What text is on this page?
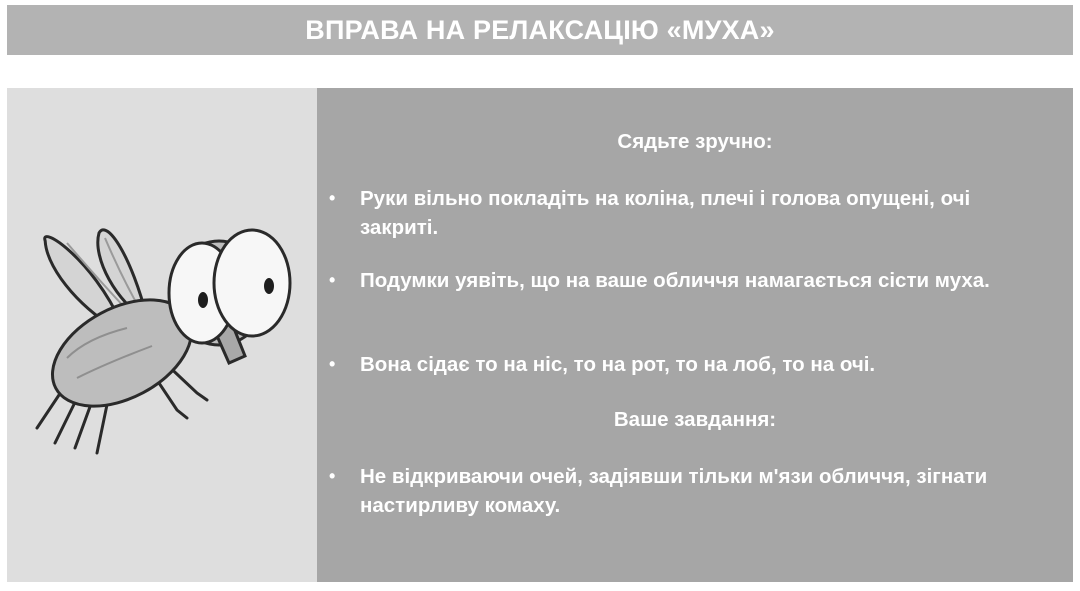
ВПРАВА НА РЕЛАКСАЦІЮ «МУХА»
Сядьте зручно:
• Руки вільно покладіть на коліна, плечі і голова опущені, очі закриті.
• Подумки уявіть, що на ваше обличчя намагається сісти муха.
• Вона сідає то на ніс, то на рот, то на лоб, то на очі.
Ваше завдання:
• Не відкриваючи очей, задіявши тільки м'язи обличчя, зігнати настирливу комаху.
